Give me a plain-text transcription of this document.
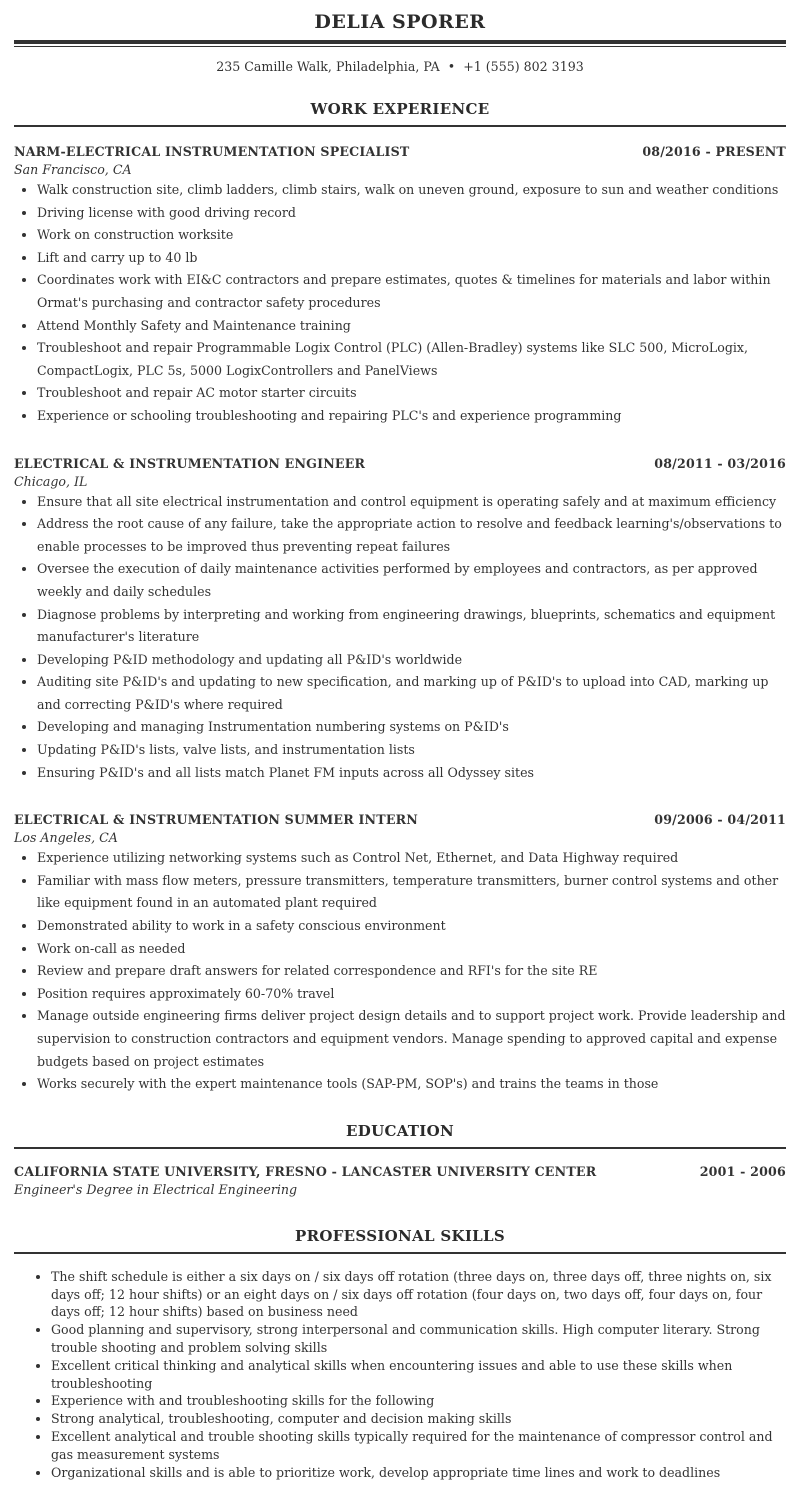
DELIA SPORER
235 Camille Walk, Philadelphia, PA • +1 (555) 802 3193
WORK EXPERIENCE
NARM-ELECTRICAL INSTRUMENTATION SPECIALIST	08/2016 - PRESENT
San Francisco, CA
• Walk construction site, climb ladders, climb stairs, walk on uneven ground, exposure to sun and weather conditions
• Driving license with good driving record
• Work on construction worksite
• Lift and carry up to 40 lb
• Coordinates work with EI&C contractors and prepare estimates, quotes & timelines for materials and labor within Ormat's purchasing and contractor safety procedures
• Attend Monthly Safety and Maintenance training
• Troubleshoot and repair Programmable Logix Control (PLC) (Allen-Bradley) systems like SLC 500, MicroLogix, CompactLogix, PLC 5s, 5000 LogixControllers and PanelViews
• Troubleshoot and repair AC motor starter circuits
• Experience or schooling troubleshooting and repairing PLC's and experience programming
ELECTRICAL & INSTRUMENTATION ENGINEER	08/2011 - 03/2016
Chicago, IL
• Ensure that all site electrical instrumentation and control equipment is operating safely and at maximum efficiency
• Address the root cause of any failure, take the appropriate action to resolve and feedback learning's/observations to enable processes to be improved thus preventing repeat failures
• Oversee the execution of daily maintenance activities performed by employees and contractors, as per approved weekly and daily schedules
• Diagnose problems by interpreting and working from engineering drawings, blueprints, schematics and equipment manufacturer's literature
• Developing P&ID methodology and updating all P&ID's worldwide
• Auditing site P&ID's and updating to new specification, and marking up of P&ID's to upload into CAD, marking up and correcting P&ID's where required
• Developing and managing Instrumentation numbering systems on P&ID's
• Updating P&ID's lists, valve lists, and instrumentation lists
• Ensuring P&ID's and all lists match Planet FM inputs across all Odyssey sites
ELECTRICAL & INSTRUMENTATION SUMMER INTERN	09/2006 - 04/2011
Los Angeles, CA
• Experience utilizing networking systems such as Control Net, Ethernet, and Data Highway required
• Familiar with mass flow meters, pressure transmitters, temperature transmitters, burner control systems and other like equipment found in an automated plant required
• Demonstrated ability to work in a safety conscious environment
• Work on-call as needed
• Review and prepare draft answers for related correspondence and RFI's for the site RE
• Position requires approximately 60-70% travel
• Manage outside engineering firms deliver project design details and to support project work. Provide leadership and supervision to construction contractors and equipment vendors. Manage spending to approved capital and expense budgets based on project estimates
• Works securely with the expert maintenance tools (SAP-PM, SOP's) and trains the teams in those
EDUCATION
CALIFORNIA STATE UNIVERSITY, FRESNO - LANCASTER UNIVERSITY CENTER	2001 - 2006
Engineer's Degree in Electrical Engineering
PROFESSIONAL SKILLS
• The shift schedule is either a six days on / six days off rotation (three days on, three days off, three nights on, six days off; 12 hour shifts) or an eight days on / six days off rotation (four days on, two days off, four days on, four days off; 12 hour shifts) based on business need
• Good planning and supervisory, strong interpersonal and communication skills. High computer literary. Strong trouble shooting and problem solving skills
• Excellent critical thinking and analytical skills when encountering issues and able to use these skills when troubleshooting
• Experience with and troubleshooting skills for the following
• Strong analytical, troubleshooting, computer and decision making skills
• Excellent analytical and trouble shooting skills typically required for the maintenance of compressor control and gas measurement systems
• Organizational skills and is able to prioritize work, develop appropriate time lines and work to deadlines
